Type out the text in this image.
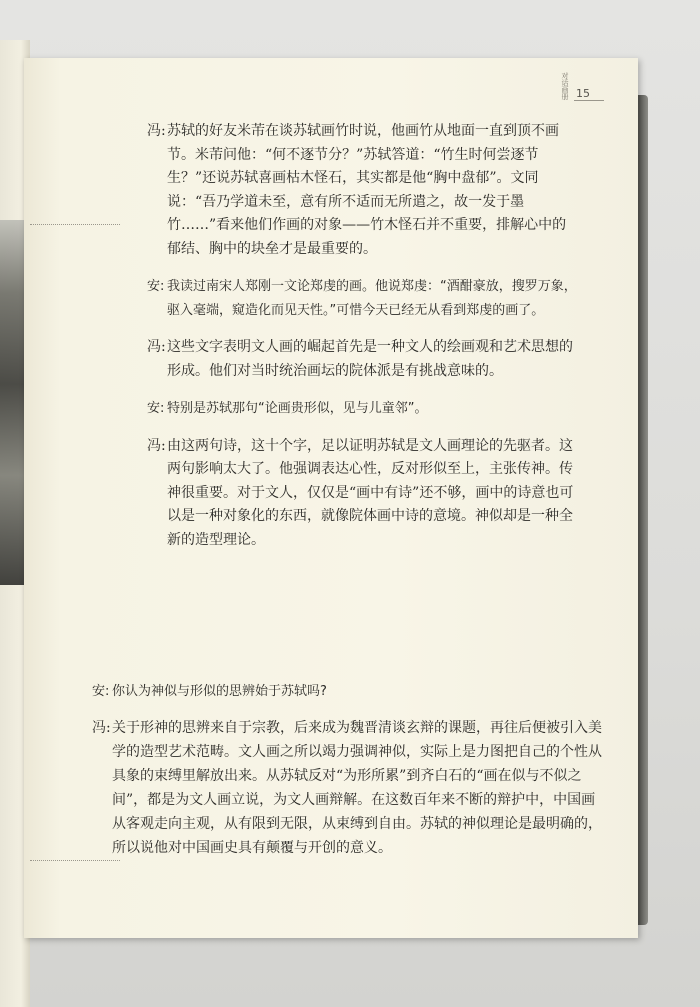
对话画册 15
冯: 苏轼的好友米芾在谈苏轼画竹时说，他画竹从地面一直到顶不画节。米芾问他：“何不逐节分？”苏轼答道：“竹生时何尝逐节生？”还说苏轼喜画枯木怪石，其实都是他“胸中盘郁”。文同说：“吾乃学道未至，意有所不适而无所遣之，故一发于墨竹……”看来他们作画的对象——竹木怪石并不重要，排解心中的郁结、胸中的块垒才是最重要的。
安: 我读过南宋人郑刚一文论郑虔的画。他说郑虔：“酒酣豪放，搜罗万象，驱入毫端，窥造化而见天性。”可惜今天已经无从看到郑虔的画了。
冯: 这些文字表明文人画的崛起首先是一种文人的绘画观和艺术思想的形成。他们对当时统治画坛的院体派是有挑战意味的。
安: 特别是苏轼那句“论画贵形似，见与儿童邻”。
冯: 由这两句诗，这十个字，足以证明苏轼是文人画理论的先驱者。这两句影响太大了。他强调表达心性，反对形似至上，主张传神。传神很重要。对于文人，仅仅是“画中有诗”还不够，画中的诗意也可以是一种对象化的东西，就像院体画中诗的意境。神似却是一种全新的造型理论。
安: 你认为神似与形似的思辨始于苏轼吗?
冯: 关于形神的思辨来自于宗教，后来成为魏晋清谈玄辩的课题，再往后便被引入美学的造型艺术范畴。文人画之所以竭力强调神似，实际上是力图把自己的个性从具象的束缚里解放出来。从苏轼反对“为形所累”到齐白石的“画在似与不似之间”，都是为文人画立说，为文人画辩解。在这数百年来不断的辩护中，中国画从客观走向主观，从有限到无限，从束缚到自由。苏轼的神似理论是最明确的，所以说他对中国画史具有颠覆与开创的意义。
